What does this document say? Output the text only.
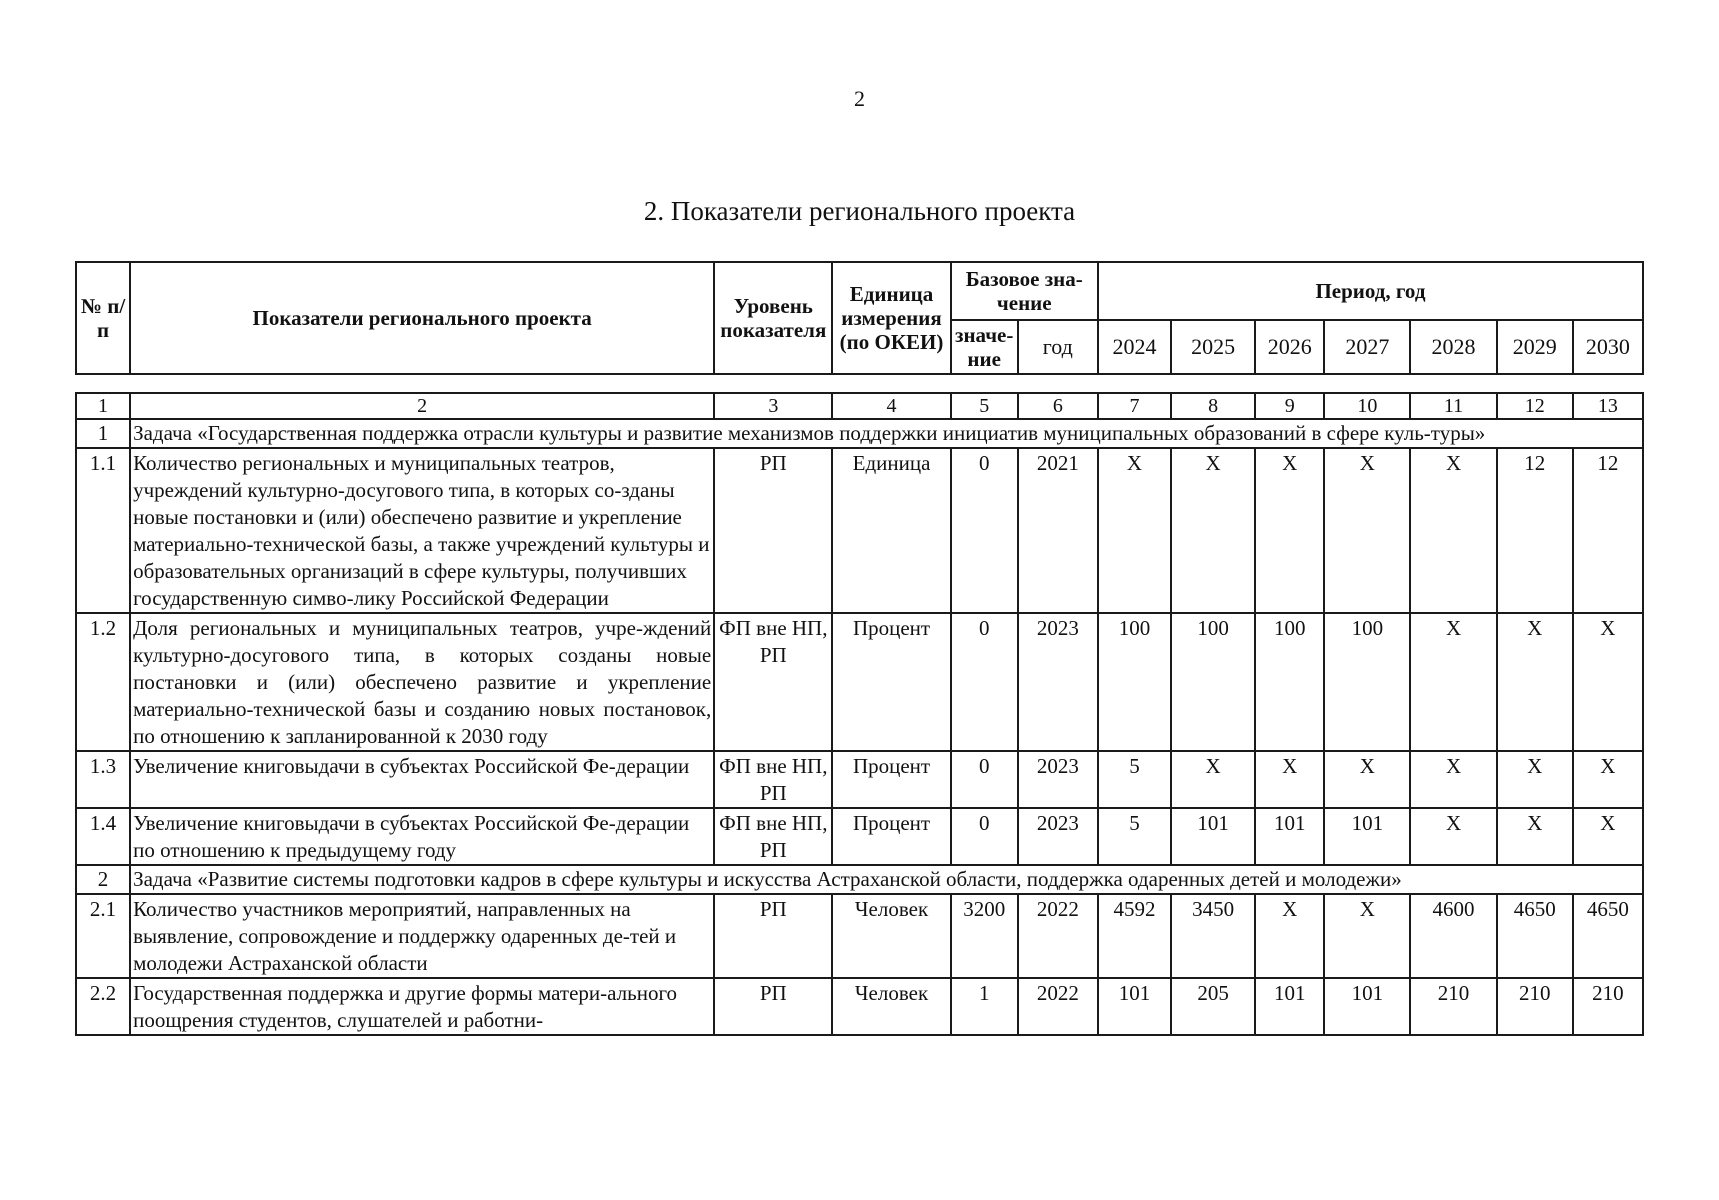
2
2. Показатели регионального проекта
№ п/п	Показатели регионального проекта	Уровень показателя	Единица измерения (по ОКЕИ)	Базовое зна-чение		Период, год						
				значе-ние	год	2024	2025	2026	2027	2028	2029	2030
1	2	3	4	5	6	7	8	9	10	11	12	13
1	Задача «Государственная поддержка отрасли культуры и развитие механизмов поддержки инициатив муниципальных образований в сфере куль-туры»											
1.1	Количество региональных и муниципальных театров, учреждений культурно-досугового типа, в которых со-зданы новые постановки и (или) обеспечено развитие и укрепление материально-технической базы, а также учреждений культуры и образовательных организаций в сфере культуры, получивших государственную симво-лику Российской Федерации	РП	Единица	0	2021	X	X	X	X	X	12	12
1.2	Доля региональных и муниципальных театров, учре-ждений культурно-досугового типа, в которых созданы новые постановки и (или) обеспечено развитие и укрепление материально-технической базы и созданию новых постановок, по отношению к запланированной к 2030 году	ФП вне НП, РП	Процент	0	2023	100	100	100	100	X	X	X
1.3	Увеличение книговыдачи в субъектах Российской Фе-дерации	ФП вне НП, РП	Процент	0	2023	5	X	X	X	X	X	X
1.4	Увеличение книговыдачи в субъектах Российской Фе-дерации по отношению к предыдущему году	ФП вне НП, РП	Процент	0	2023	5	101	101	101	X	X	X
2	Задача «Развитие системы подготовки кадров в сфере культуры и искусства Астраханской области, поддержка одаренных детей и молодежи»											
2.1	Количество участников мероприятий, направленных на выявление, сопровождение и поддержку одаренных де-тей и молодежи Астраханской области	РП	Человек	3200	2022	4592	3450	X	X	4600	4650	4650
2.2	Государственная поддержка и другие формы матери-ального поощрения студентов, слушателей и работни-	РП	Человек	1	2022	101	205	101	101	210	210	210
